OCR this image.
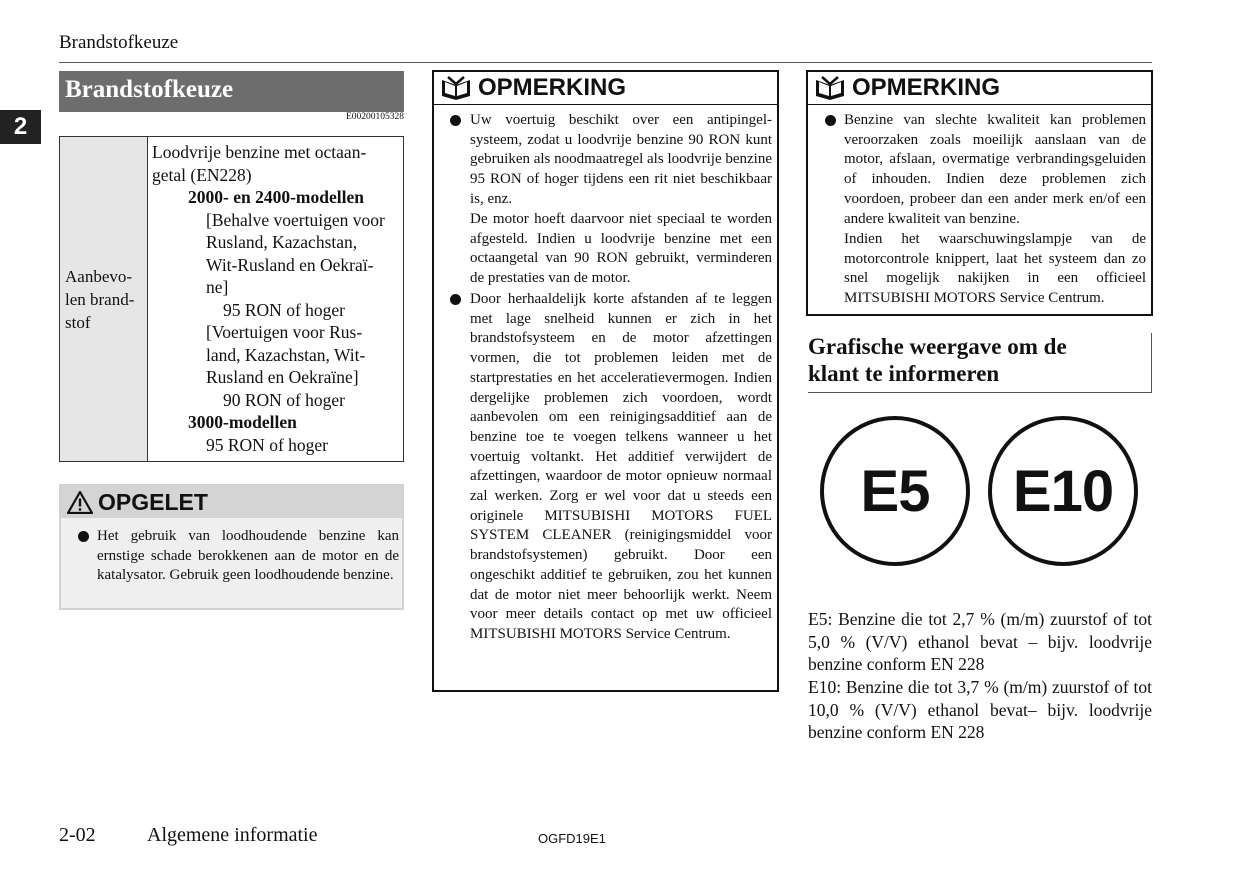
Brandstofkeuze
2
Brandstofkeuze
E00200105328
Aanbevo-
len brand-
stof
Loodvrije benzine met octaan-
getal (EN228)
2000- en 2400-modellen
[Behalve voertuigen voor
Rusland, Kazachstan,
Wit-Rusland en Oekraï-
ne]
95 RON of hoger
[Voertuigen voor Rus-
land, Kazachstan, Wit-
Rusland en Oekraïne]
90 RON of hoger
3000-modellen
95 RON of hoger
OPGELET
Het gebruik van loodhoudende benzine kan ernstige schade berokkenen aan de motor en de katalysator. Gebruik geen loodhoudende benzine.
OPMERKING
Uw voertuig beschikt over een antipingel-systeem, zodat u loodvrije benzine 90 RON kunt gebruiken als noodmaatregel als loodvrije benzine 95 RON of hoger tijdens een rit niet beschikbaar is, enz.
De motor hoeft daarvoor niet speciaal te worden afgesteld. Indien u loodvrije benzine met een octaangetal van 90 RON gebruikt, verminderen de prestaties van de motor.
Door herhaaldelijk korte afstanden af te leggen met lage snelheid kunnen er zich in het brandstofsysteem en de motor afzettingen vormen, die tot problemen leiden met de startprestaties en het acceleratievermogen. Indien dergelijke problemen zich voordoen, wordt aanbevolen om een reinigingsadditief aan de benzine toe te voegen telkens wanneer u het voertuig voltankt. Het additief verwijdert de afzettingen, waardoor de motor opnieuw normaal zal werken. Zorg er wel voor dat u steeds een originele MITSUBISHI MOTORS FUEL SYSTEM CLEANER (reinigingsmiddel voor brandstofsystemen) gebruikt. Door een ongeschikt additief te gebruiken, zou het kunnen dat de motor niet meer behoorlijk werkt. Neem voor meer details contact op met uw officieel MITSUBISHI MOTORS Service Centrum.
OPMERKING
Benzine van slechte kwaliteit kan problemen veroorzaken zoals moeilijk aanslaan van de motor, afslaan, overmatige verbrandingsgeluiden of inhouden. Indien deze problemen zich voordoen, probeer dan een ander merk en/of een andere kwaliteit van benzine.
Indien het waarschuwingslampje van de motorcontrole knippert, laat het systeem dan zo snel mogelijk nakijken in een officieel MITSUBISHI MOTORS Service Centrum.
Grafische weergave om de
klant te informeren
E5 E10
E5: Benzine die tot 2,7 % (m/m) zuurstof of tot 5,0 % (V/V) ethanol bevat – bijv. loodvrije benzine conform EN 228
E10: Benzine die tot 3,7 % (m/m) zuurstof of tot 10,0 % (V/V) ethanol bevat– bijv. loodvrije benzine conform EN 228
2-02	Algemene informatie	OGFD19E1
